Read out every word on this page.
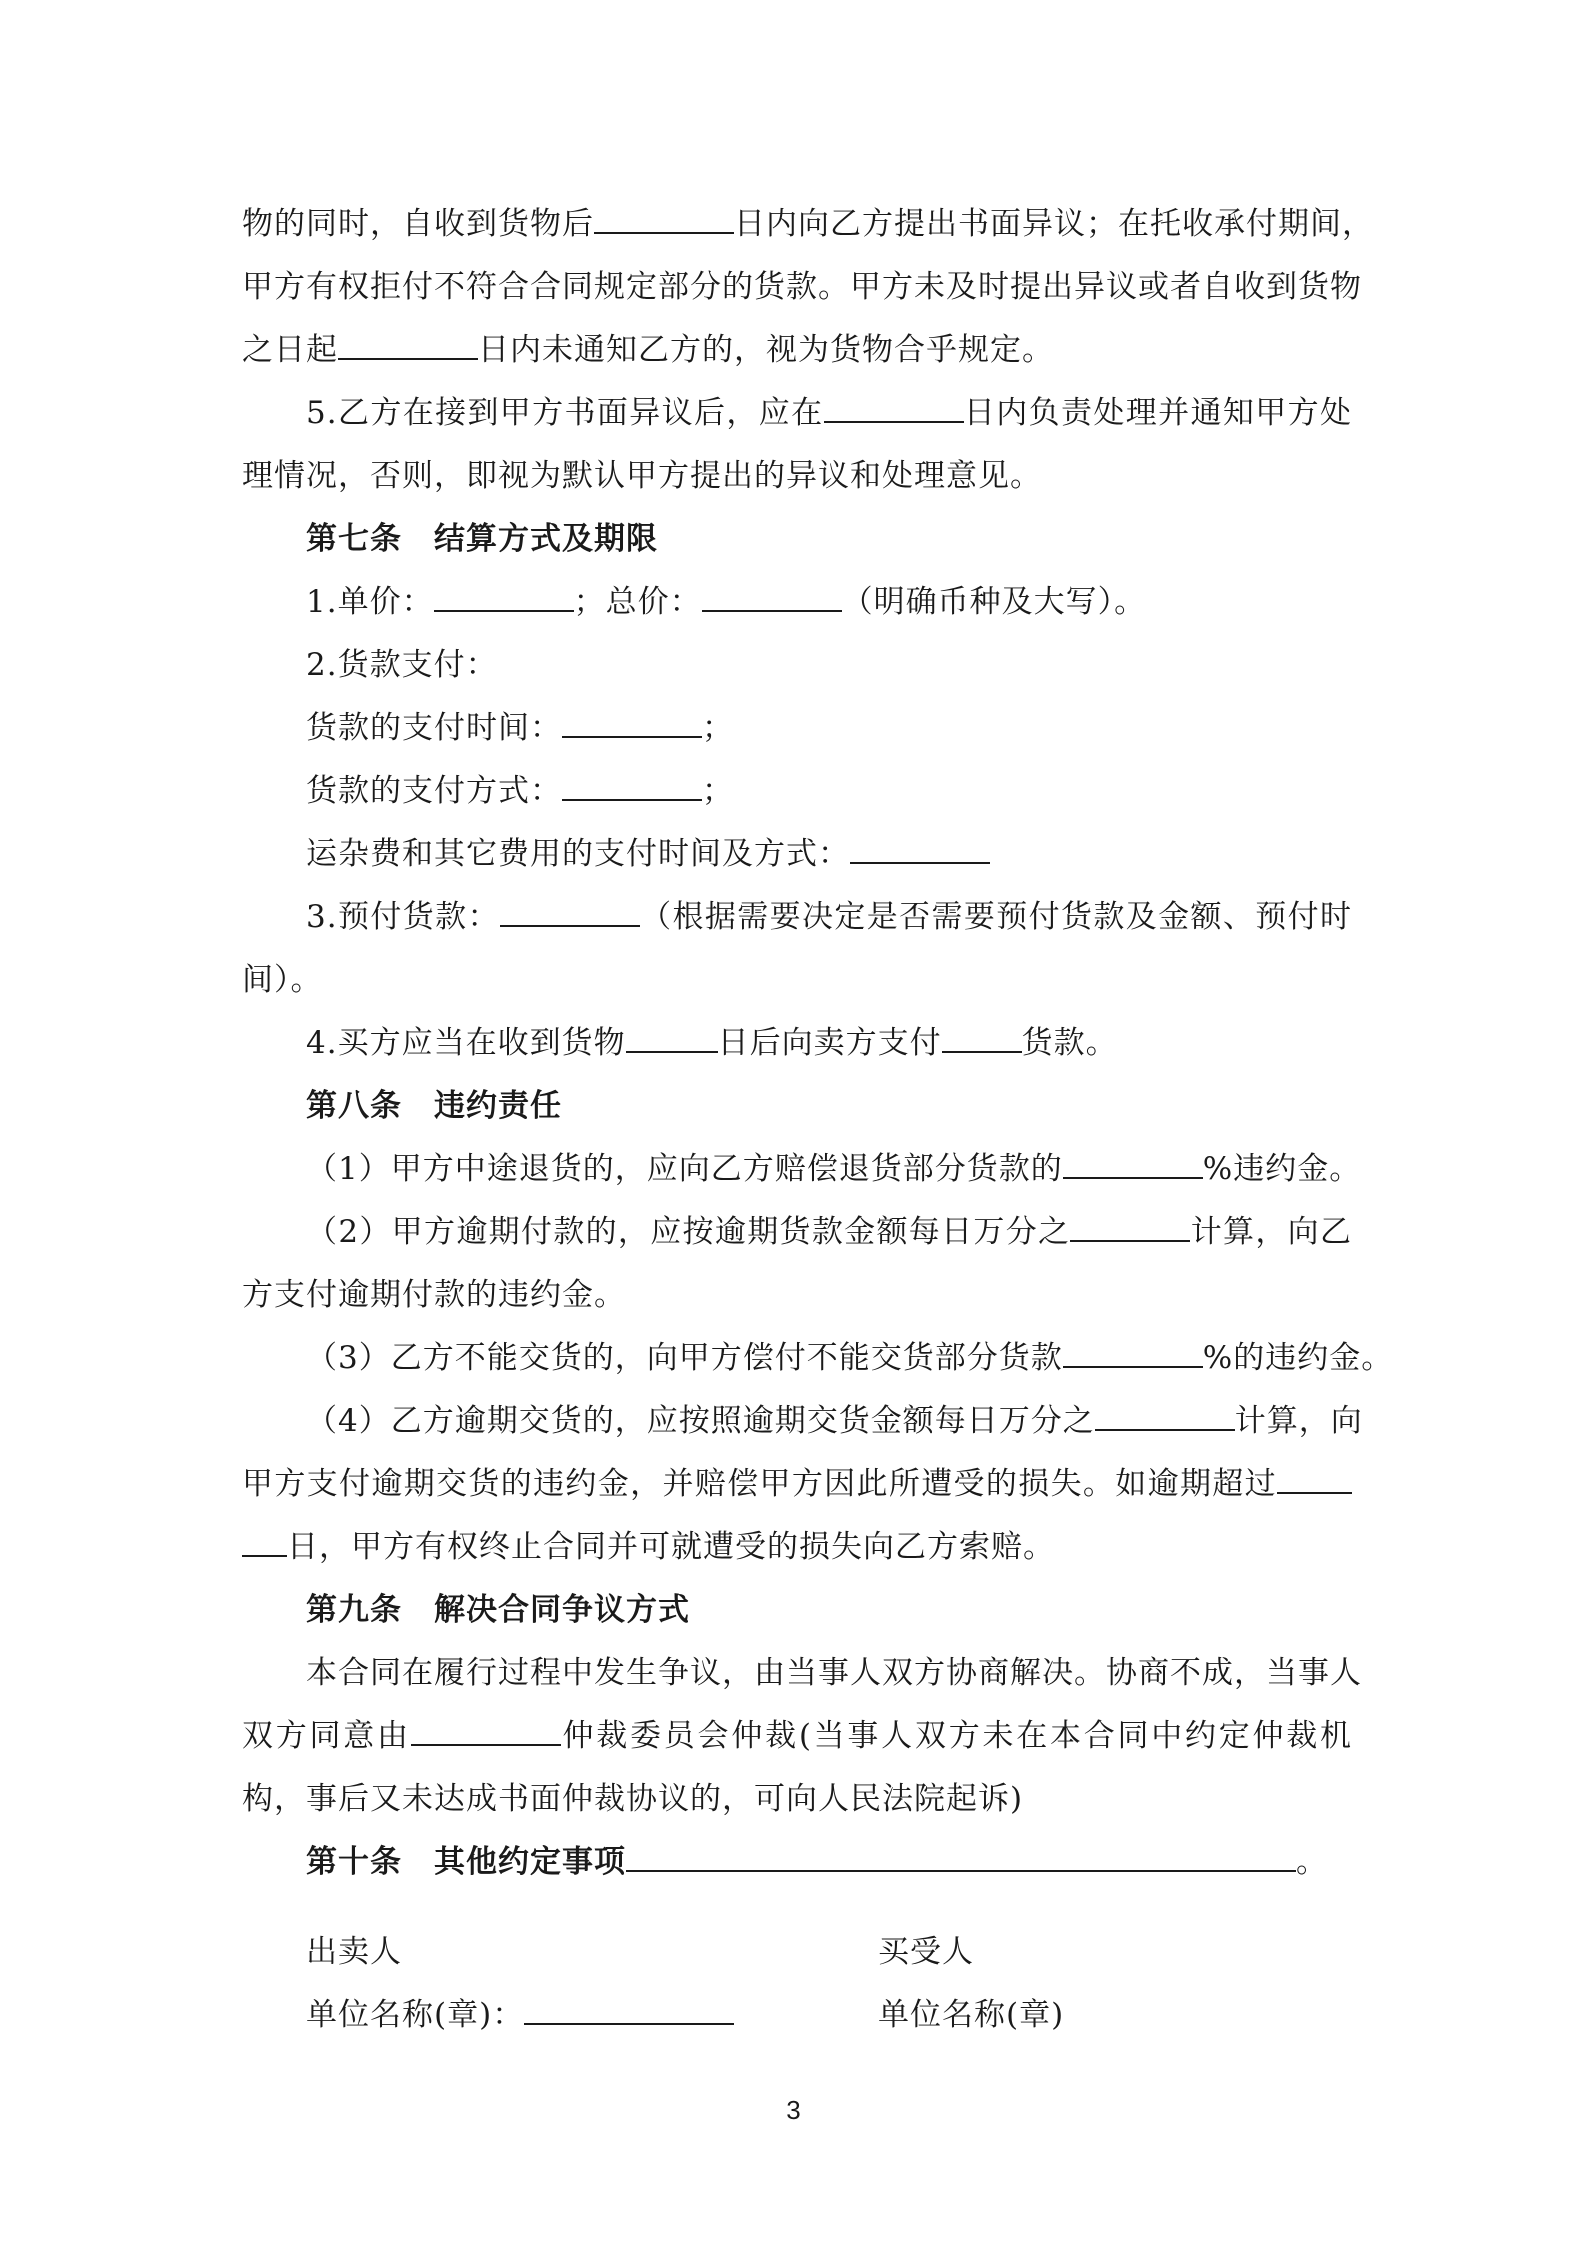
物的同时，自收到货物后	日内向乙方提出书面异议；在托收承付期间，
甲方有权拒付不符合合同规定部分的货款。甲方未及时提出异议或者自收到货物
之日起	日内未通知乙方的，视为货物合乎规定。
5.乙方在接到甲方书面异议后，应在	日内负责处理并通知甲方处
理情况，否则，即视为默认甲方提出的异议和处理意见。
第七条　结算方式及期限
1.单价：	；总价：	（明确币种及大写）。
2.货款支付：
货款的支付时间：	；
货款的支付方式：	；
运杂费和其它费用的支付时间及方式：
3.预付货款：	（根据需要决定是否需要预付货款及金额、预付时
间）。
4.买方应当在收到货物	日后向卖方支付	货款。
第八条　违约责任
（1）甲方中途退货的，应向乙方赔偿退货部分货款的	%违约金。
（2）甲方逾期付款的，应按逾期货款金额每日万分之	计算，向乙
方支付逾期付款的违约金。
（3）乙方不能交货的，向甲方偿付不能交货部分货款	%的违约金。
（4）乙方逾期交货的，应按照逾期交货金额每日万分之	计算，向
甲方支付逾期交货的违约金，并赔偿甲方因此所遭受的损失。如逾期超过
日，甲方有权终止合同并可就遭受的损失向乙方索赔。
第九条　解决合同争议方式
本合同在履行过程中发生争议，由当事人双方协商解决。协商不成，当事人
双方同意由	仲裁委员会仲裁(当事人双方未在本合同中约定仲裁机
构，事后又未达成书面仲裁协议的，可向人民法院起诉)
第十条　其他约定事项	。
出卖人	买受人
单位名称(章)：	单位名称(章)
3
